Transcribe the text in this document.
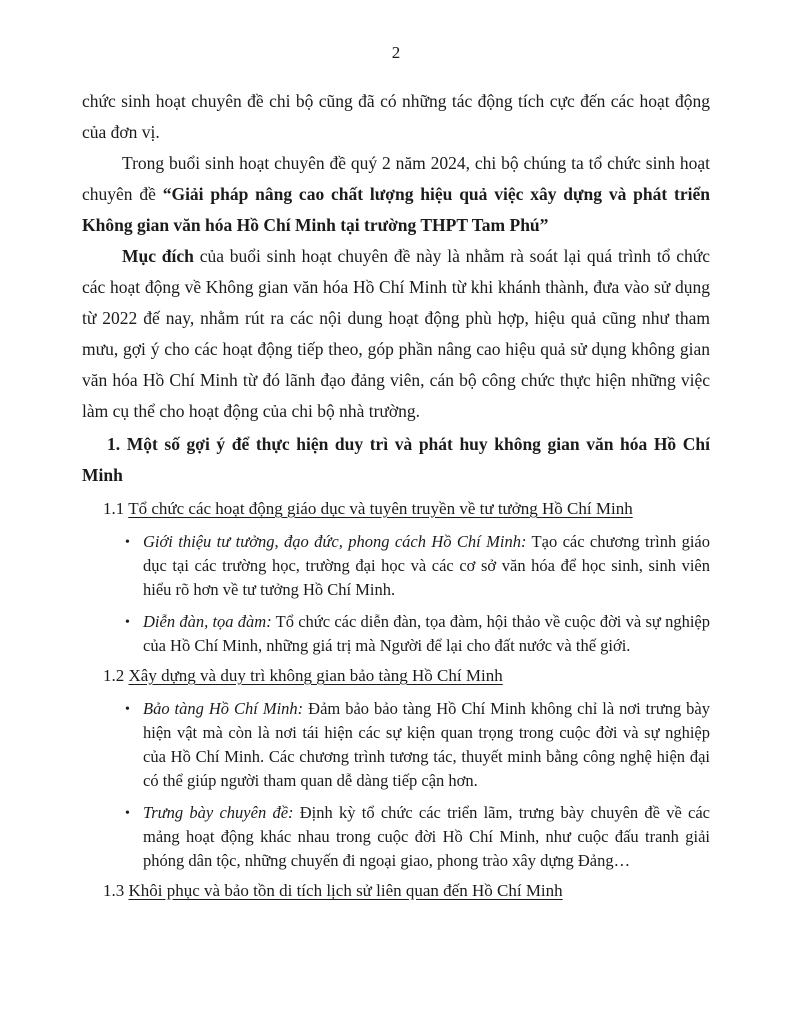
2

chức sinh hoạt chuyên đề chi bộ cũng đã có những tác động tích cực đến các hoạt động của đơn vị.

Trong buổi sinh hoạt chuyên đề quý 2 năm 2024, chi bộ chúng ta tổ chức sinh hoạt chuyên đề “Giải pháp nâng cao chất lượng hiệu quả việc xây dựng và phát triển Không gian văn hóa Hồ Chí Minh tại trường THPT Tam Phú”

Mục đích của buổi sinh hoạt chuyên đề này là nhằm rà soát lại quá trình tổ chức các hoạt động về Không gian văn hóa Hồ Chí Minh từ khi khánh thành, đưa vào sử dụng từ 2022 đế nay, nhằm rút ra các nội dung hoạt động phù hợp, hiệu quả cũng như tham mưu, gợi ý cho các hoạt động tiếp theo, góp phần nâng cao hiệu quả sử dụng không gian văn hóa Hồ Chí Minh từ đó lãnh đạo đảng viên, cán bộ công chức thực hiện những việc làm cụ thể cho hoạt động của chi bộ nhà trường.

1. Một số gợi ý để thực hiện duy trì và phát huy không gian văn hóa Hồ Chí Minh

1.1 Tổ chức các hoạt động giáo dục và tuyên truyền về tư tưởng Hồ Chí Minh

• Giới thiệu tư tưởng, đạo đức, phong cách Hồ Chí Minh: Tạo các chương trình giáo dục tại các trường học, trường đại học và các cơ sở văn hóa để học sinh, sinh viên hiểu rõ hơn về tư tưởng Hồ Chí Minh.
• Diễn đàn, tọa đàm: Tổ chức các diễn đàn, tọa đàm, hội thảo về cuộc đời và sự nghiệp của Hồ Chí Minh, những giá trị mà Người để lại cho đất nước và thế giới.

1.2 Xây dựng và duy trì không gian bảo tàng Hồ Chí Minh

• Bảo tàng Hồ Chí Minh: Đảm bảo bảo tàng Hồ Chí Minh không chỉ là nơi trưng bày hiện vật mà còn là nơi tái hiện các sự kiện quan trọng trong cuộc đời và sự nghiệp của Hồ Chí Minh. Các chương trình tương tác, thuyết minh bằng công nghệ hiện đại có thể giúp người tham quan dễ dàng tiếp cận hơn.
• Trưng bày chuyên đề: Định kỳ tổ chức các triển lãm, trưng bày chuyên đề về các mảng hoạt động khác nhau trong cuộc đời Hồ Chí Minh, như cuộc đấu tranh giải phóng dân tộc, những chuyến đi ngoại giao, phong trào xây dựng Đảng…

1.3 Khôi phục và bảo tồn di tích lịch sử liên quan đến Hồ Chí Minh
